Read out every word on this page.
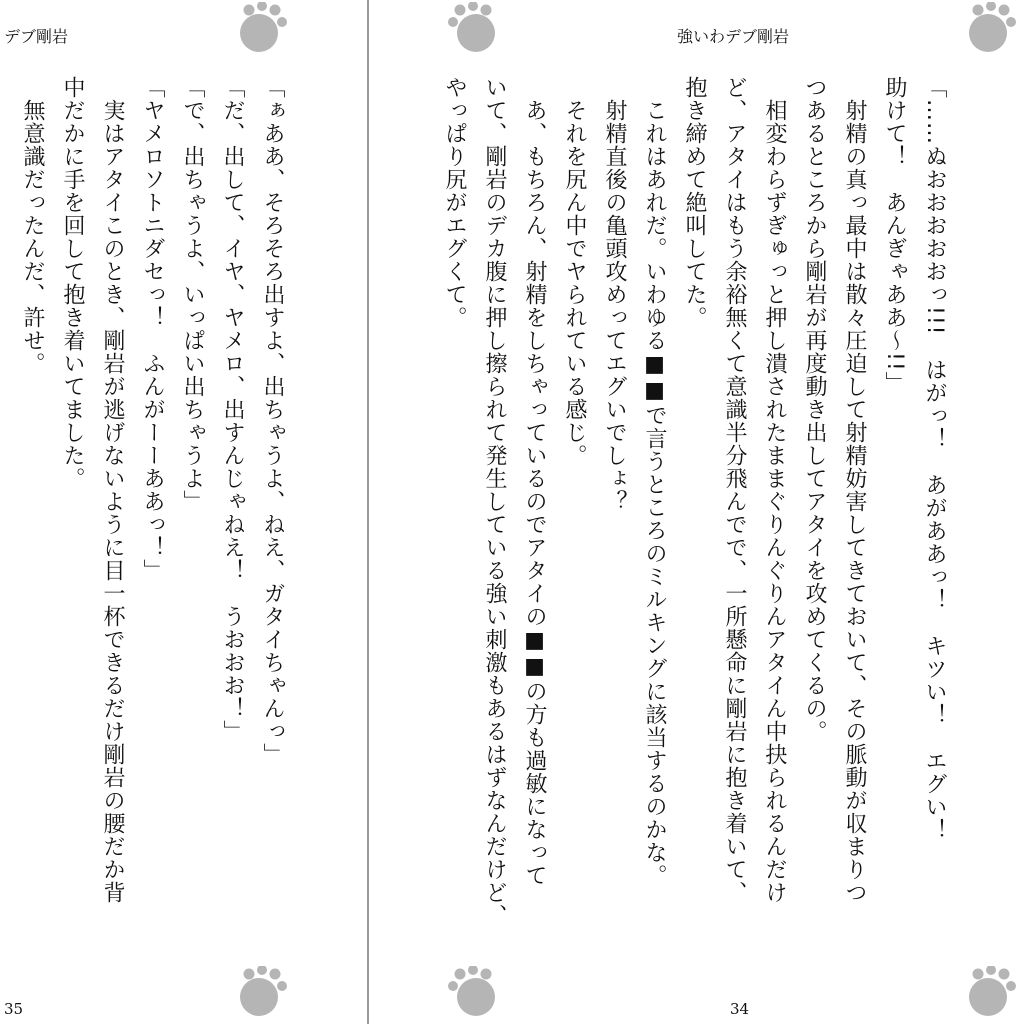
デブ剛岩
「ぁああ、そろそろ出すよ、出ちゃうよ、ねえ、ガタイちゃんっ」
「だ、出して、イヤ、ヤメロ、出すんじゃねえ！　うおおお！」
「で、出ちゃうよ、いっぱい出ちゃうよ」
「ヤメロソトニダセっ！　ふんがーーああっ！」
　実はアタイこのとき、剛岩が逃げないように目一杯できるだけ剛岩の腰だか背
中だかに手を回して抱き着いてました。
　無意識だったんだ、許せ。
35
強いわデブ剛岩
「……ぬおおおおおっ!!!　はがっ！　あがああっ！　キツい！　エグい！
助けて！　あんぎゃああ～!!」
　射精の真っ最中は散々圧迫して射精妨害してきておいて、その脈動が収まりつ
つあるところから剛岩が再度動き出してアタイを攻めてくるの。
　相変わらずぎゅっと押し潰されたままぐりんぐりんアタイん中抉られるんだけ
ど、アタイはもう余裕無くて意識半分飛んでで、一所懸命に剛岩に抱き着いて、
抱き締めて絶叫してた。
　これはあれだ。いわゆる■■で言うところのミルキングに該当するのかな。
　射精直後の亀頭攻めってエグいでしょ？
　それを尻ん中でヤられている感じ。
　あ、もちろん、射精をしちゃっているのでアタイの■■の方も過敏になって
いて、剛岩のデカ腹に押し擦られて発生している強い刺激もあるはずなんだけど、
やっぱり尻がエグくて。
34
